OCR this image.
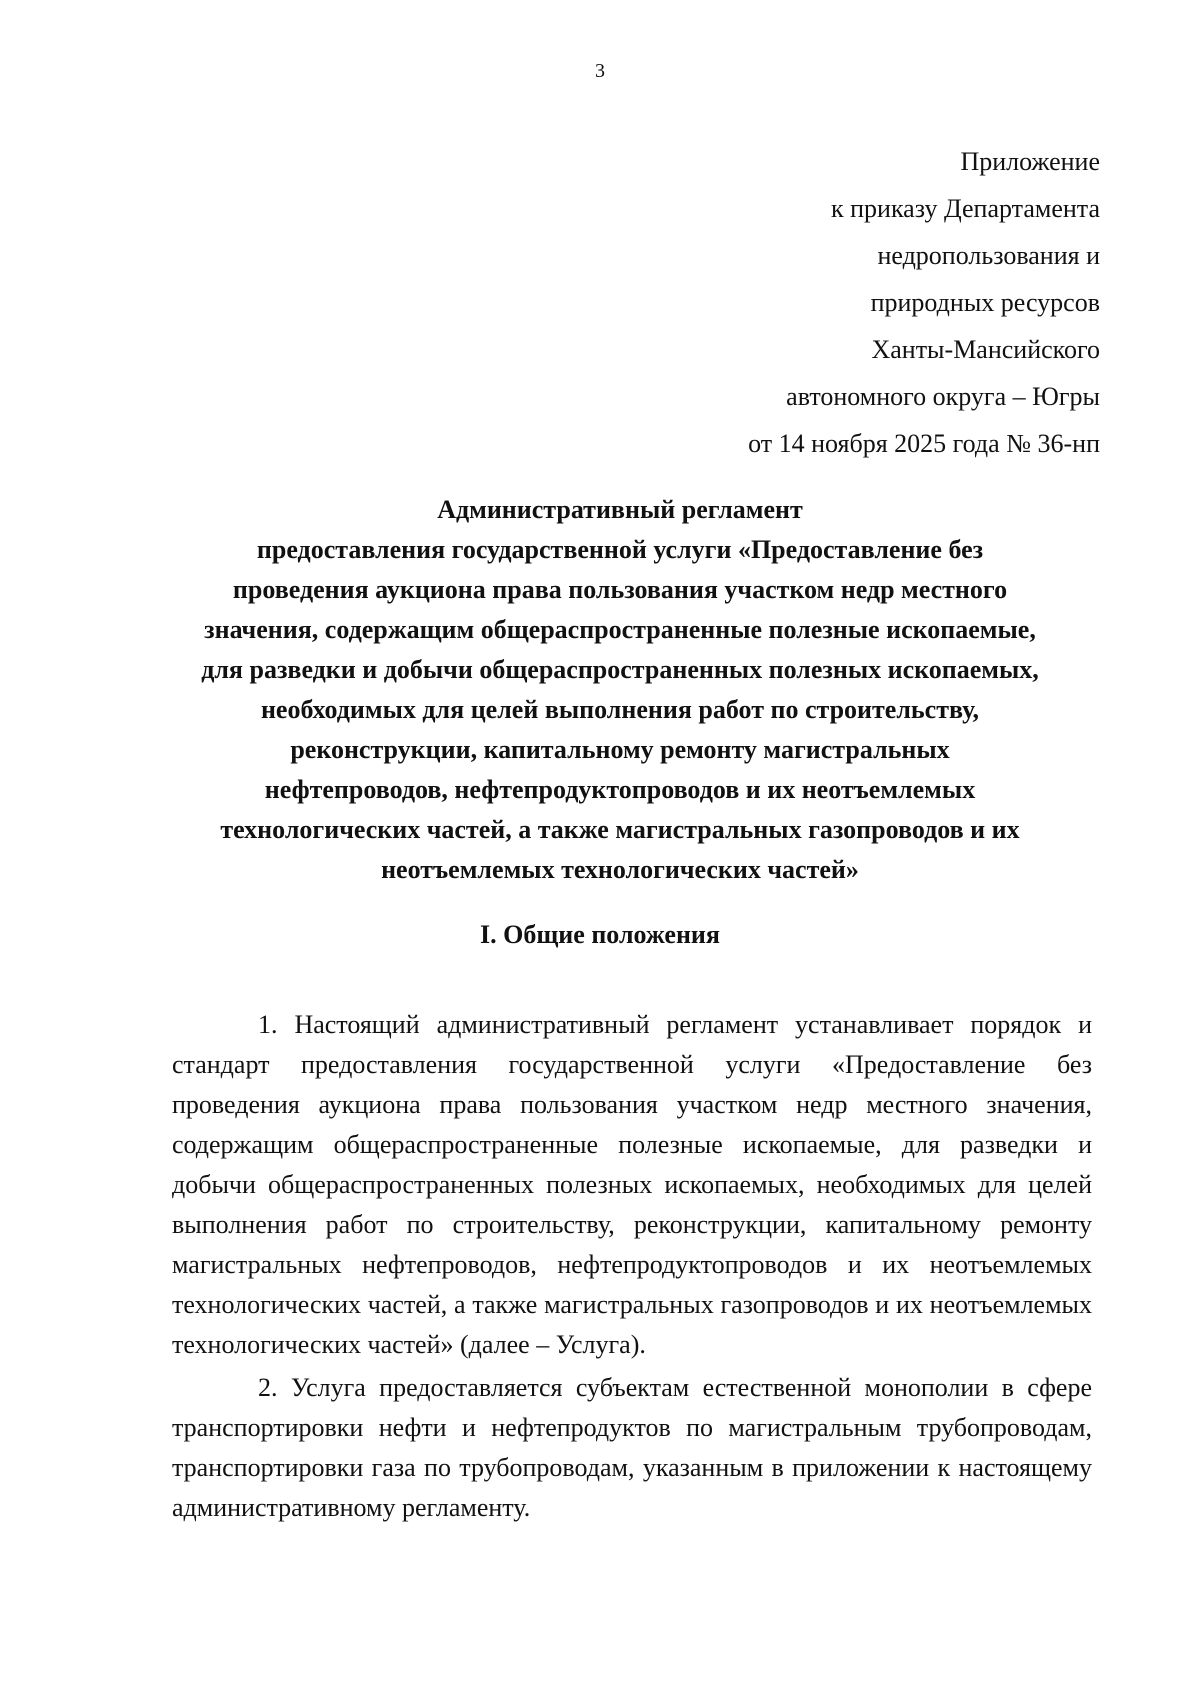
3
Приложение
к приказу Департамента
недропользования и
природных ресурсов
Ханты-Мансийского
автономного округа – Югры
от 14 ноября 2025 года № 36-нп
Административный регламент
предоставления государственной услуги «Предоставление без
проведения аукциона права пользования участком недр местного
значения, содержащим общераспространенные полезные ископаемые,
для разведки и добычи общераспространенных полезных ископаемых,
необходимых для целей выполнения работ по строительству,
реконструкции, капитальному ремонту магистральных
нефтепроводов, нефтепродуктопроводов и их неотъемлемых
технологических частей, а также магистральных газопроводов и их
неотъемлемых технологических частей»
I. Общие положения

1. Настоящий административный регламент устанавливает порядок и стандарт предоставления государственной услуги «Предоставление без проведения аукциона права пользования участком недр местного значения, содержащим общераспространенные полезные ископаемые, для разведки и добычи общераспространенных полезных ископаемых, необходимых для целей выполнения работ по строительству, реконструкции, капитальному ремонту магистральных нефтепроводов, нефтепродуктопроводов и их неотъемлемых технологических частей, а также магистральных газопроводов и их неотъемлемых технологических частей» (далее – Услуга).

2. Услуга предоставляется субъектам естественной монополии в сфере транспортировки нефти и нефтепродуктов по магистральным трубопроводам, транспортировки газа по трубопроводам, указанным в приложении к настоящему административному регламенту.
